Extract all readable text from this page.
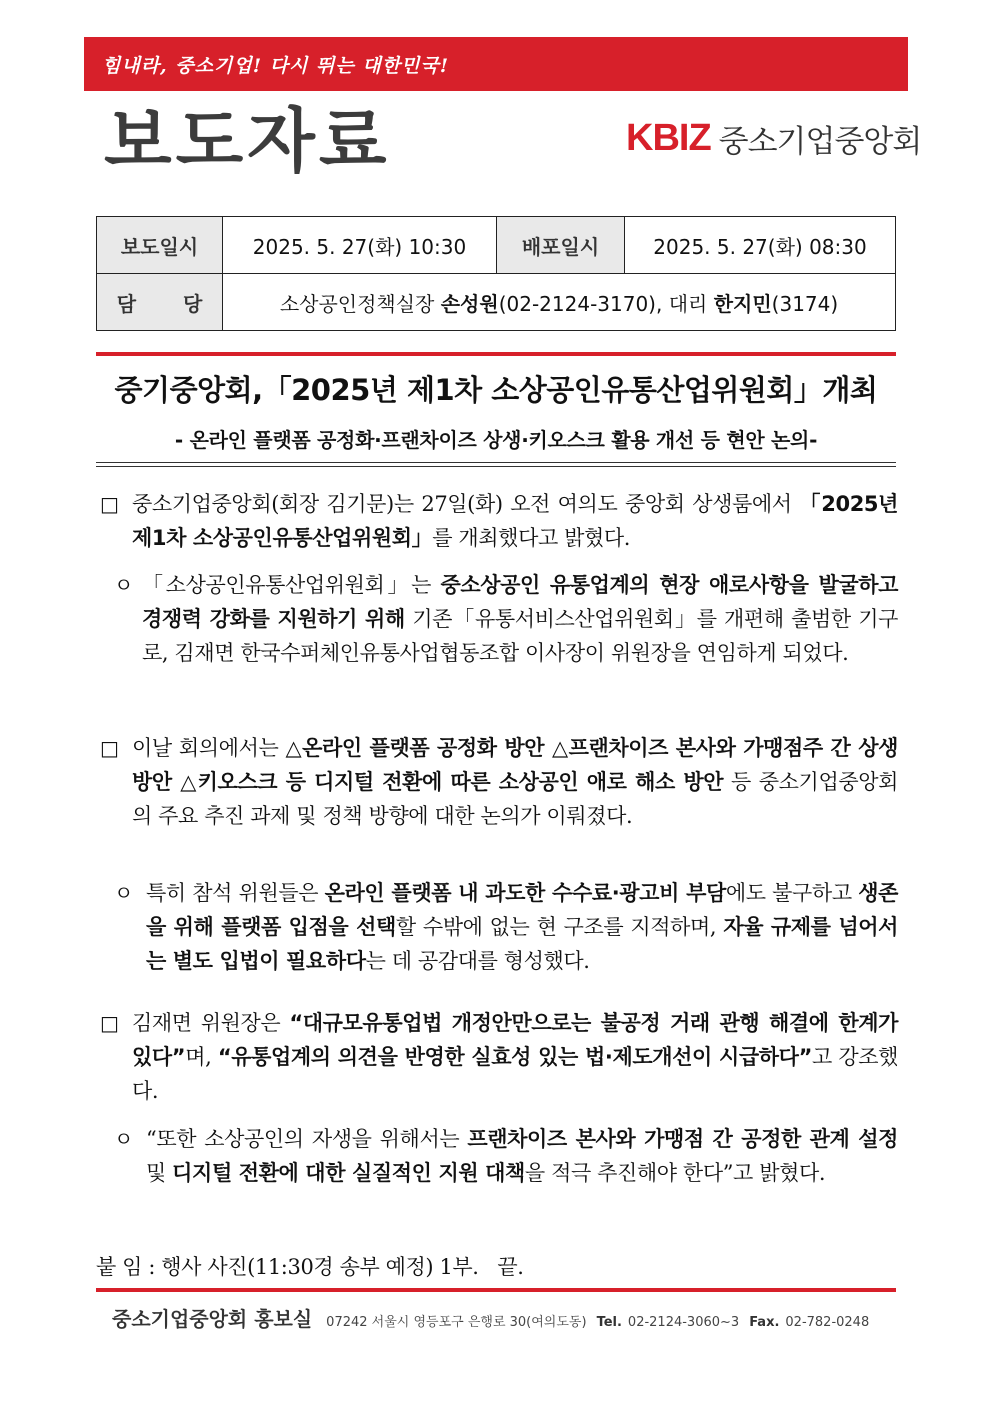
힘내라, 중소기업! 다시 뛰는 대한민국!
보도자료	KBIZ 중소기업중앙회
보도일시	2025. 5. 27(화) 10:30	배포일시	2025. 5. 27(화) 08:30
담 당	소상공인정책실장 손성원(02-2124-3170), 대리 한지민(3174)		
중기중앙회,「2025년 제1차 소상공인유통산업위원회」개최
- 온라인 플랫폼 공정화·프랜차이즈 상생·키오스크 활용 개선 등 현안 논의-
□ 중소기업중앙회(회장 김기문)는 27일(화) 오전 여의도 중앙회 상생룸에서 「2025년 제1차 소상공인유통산업위원회」를 개최했다고 밝혔다.
ㅇ 「소상공인유통산업위원회」는 중소상공인 유통업계의 현장 애로사항을 발굴하고 경쟁력 강화를 지원하기 위해 기존「유통서비스산업위원회」를 개편해 출범한 기구로, 김재면 한국수퍼체인유통사업협동조합 이사장이 위원장을 연임하게 되었다.
□ 이날 회의에서는 △온라인 플랫폼 공정화 방안 △프랜차이즈 본사와 가맹점주 간 상생 방안 △키오스크 등 디지털 전환에 따른 소상공인 애로 해소 방안 등 중소기업중앙회의 주요 추진 과제 및 정책 방향에 대한 논의가 이뤄졌다.
ㅇ 특히 참석 위원들은 온라인 플랫폼 내 과도한 수수료·광고비 부담에도 불구하고 생존을 위해 플랫폼 입점을 선택할 수밖에 없는 현 구조를 지적하며, 자율 규제를 넘어서는 별도 입법이 필요하다는 데 공감대를 형성했다.
□ 김재면 위원장은 “대규모유통업법 개정안만으로는 불공정 거래 관행 해결에 한계가 있다”며, “유통업계의 의견을 반영한 실효성 있는 법·제도개선이 시급하다”고 강조했다.
ㅇ “또한 소상공인의 자생을 위해서는 프랜차이즈 본사와 가맹점 간 공정한 관계 설정 및 디지털 전환에 대한 실질적인 지원 대책을 적극 추진해야 한다”고 밝혔다.
붙 임 : 행사 사진(11:30경 송부 예정) 1부.   끝.
중소기업중앙회 홍보실 07242 서울시 영등포구 은행로 30(여의도동) Tel. 02-2124-3060~3 Fax. 02-782-0248
